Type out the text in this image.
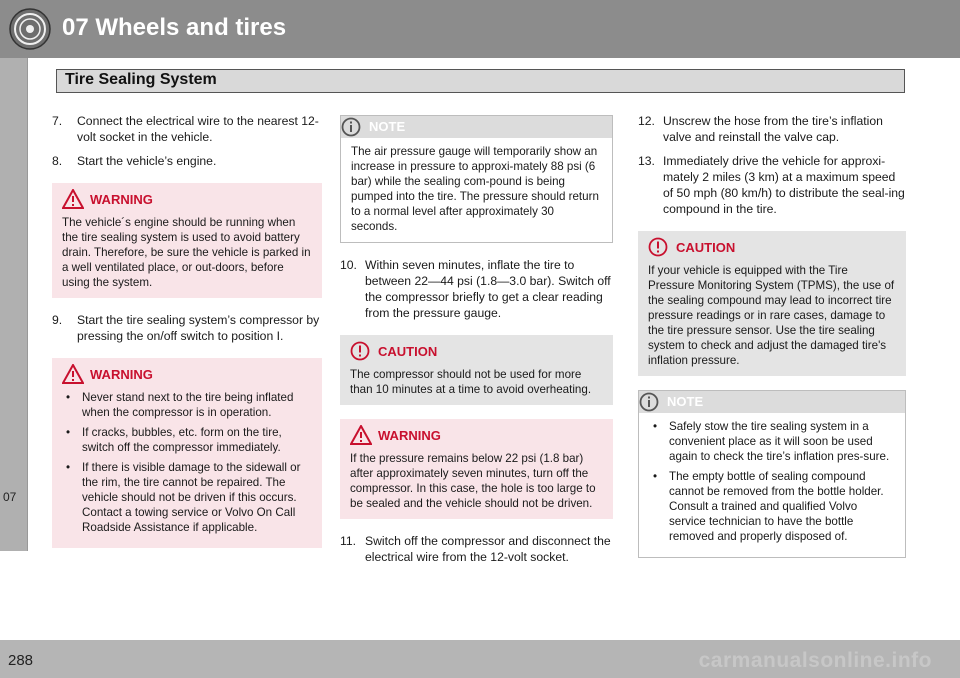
07 Wheels and tires
Tire Sealing System
07
7. Connect the electrical wire to the nearest 12-volt socket in the vehicle.
8. Start the vehicle’s engine.
WARNING
The vehicle´s engine should be running when the tire sealing system is used to avoid battery drain. Therefore, be sure the vehicle is parked in a well ventilated place, or out-doors, before using the system.
9. Start the tire sealing system’s compressor by pressing the on/off switch to position I.
WARNING
• Never stand next to the tire being inflated when the compressor is in operation.
• If cracks, bubbles, etc. form on the tire, switch off the compressor immediately.
• If there is visible damage to the sidewall or the rim, the tire cannot be repaired. The vehicle should not be driven if this occurs. Contact a towing service or Volvo On Call Roadside Assistance if applicable.
NOTE
The air pressure gauge will temporarily show an increase in pressure to approxi-mately 88 psi (6 bar) while the sealing com-pound is being pumped into the tire. The pressure should return to a normal level after approximately 30 seconds.
10. Within seven minutes, inflate the tire to between 22—44 psi (1.8—3.0 bar). Switch off the compressor briefly to get a clear reading from the pressure gauge.
CAUTION
The compressor should not be used for more than 10 minutes at a time to avoid overheating.
WARNING
If the pressure remains below 22 psi (1.8 bar) after approximately seven minutes, turn off the compressor. In this case, the hole is too large to be sealed and the vehicle should not be driven.
11. Switch off the compressor and disconnect the electrical wire from the 12-volt socket.
12. Unscrew the hose from the tire’s inflation valve and reinstall the valve cap.
13. Immediately drive the vehicle for approxi-mately 2 miles (3 km) at a maximum speed of 50 mph (80 km/h) to distribute the seal-ing compound in the tire.
CAUTION
If your vehicle is equipped with the Tire Pressure Monitoring System (TPMS), the use of the sealing compound may lead to incorrect tire pressure readings or in rare cases, damage to the tire pressure sensor. Use the tire sealing system to check and adjust the damaged tire's inflation pressure.
NOTE
• Safely stow the tire sealing system in a convenient place as it will soon be used again to check the tire’s inflation pres-sure.
• The empty bottle of sealing compound cannot be removed from the bottle holder. Consult a trained and qualified Volvo service technician to have the bottle removed and properly disposed of.
288	carmanualsonline.info
